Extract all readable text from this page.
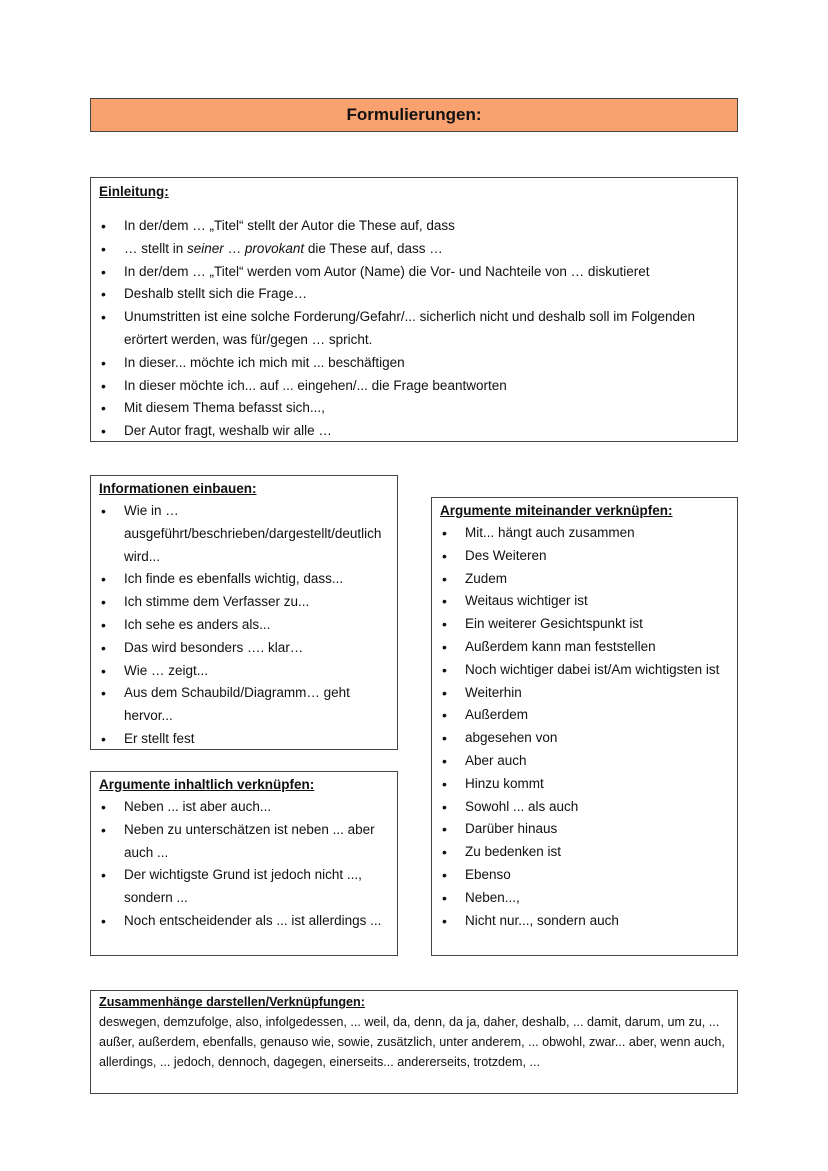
Formulierungen:

Einleitung:

• In der/dem … „Titel“ stellt der Autor die These auf, dass
• … stellt in seiner … provokant die These auf, dass …
• In der/dem … „Titel“ werden vom Autor (Name) die Vor- und Nachteile von … diskutieret
• Deshalb stellt sich die Frage…
• Unumstritten ist eine solche Forderung/Gefahr/... sicherlich nicht und deshalb soll im Folgenden erörtert werden, was für/gegen … spricht.
• In dieser... möchte ich mich mit ... beschäftigen
• In dieser möchte ich... auf ... eingehen/... die Frage beantworten
• Mit diesem Thema befasst sich...,
• Der Autor fragt, weshalb wir alle …

Informationen einbauen:

• Wie in … ausgeführt/beschrieben/dargestellt/deutlich wird...
• Ich finde es ebenfalls wichtig, dass...
• Ich stimme dem Verfasser zu...
• Ich sehe es anders als...
• Das wird besonders …. klar…
• Wie … zeigt...
• Aus dem Schaubild/Diagramm… geht hervor...
• Er stellt fest

Argumente inhaltlich verknüpfen:

• Neben ... ist aber auch...
• Neben zu unterschätzen ist neben ... aber auch ...
• Der wichtigste Grund ist jedoch nicht ..., sondern ...
• Noch entscheidender als ... ist allerdings ...

Argumente miteinander verknüpfen:

• Mit... hängt auch zusammen
• Des Weiteren
• Zudem
• Weitaus wichtiger ist
• Ein weiterer Gesichtspunkt ist
• Außerdem kann man feststellen
• Noch wichtiger dabei ist/Am wichtigsten ist
• Weiterhin
• Außerdem
• abgesehen von
• Aber auch
• Hinzu kommt
• Sowohl ... als auch
• Darüber hinaus
• Zu bedenken ist
• Ebenso
• Neben...,
• Nicht nur..., sondern auch

Zusammenhänge darstellen/Verknüpfungen:

deswegen, demzufolge, also, infolgedessen, ... weil, da, denn, da ja, daher, deshalb, ... damit, darum, um zu, ... außer, außerdem, ebenfalls, genauso wie, sowie, zusätzlich, unter anderem, ... obwohl, zwar... aber, wenn auch, allerdings, ... jedoch, dennoch, dagegen, einerseits... andererseits, trotzdem, ...
